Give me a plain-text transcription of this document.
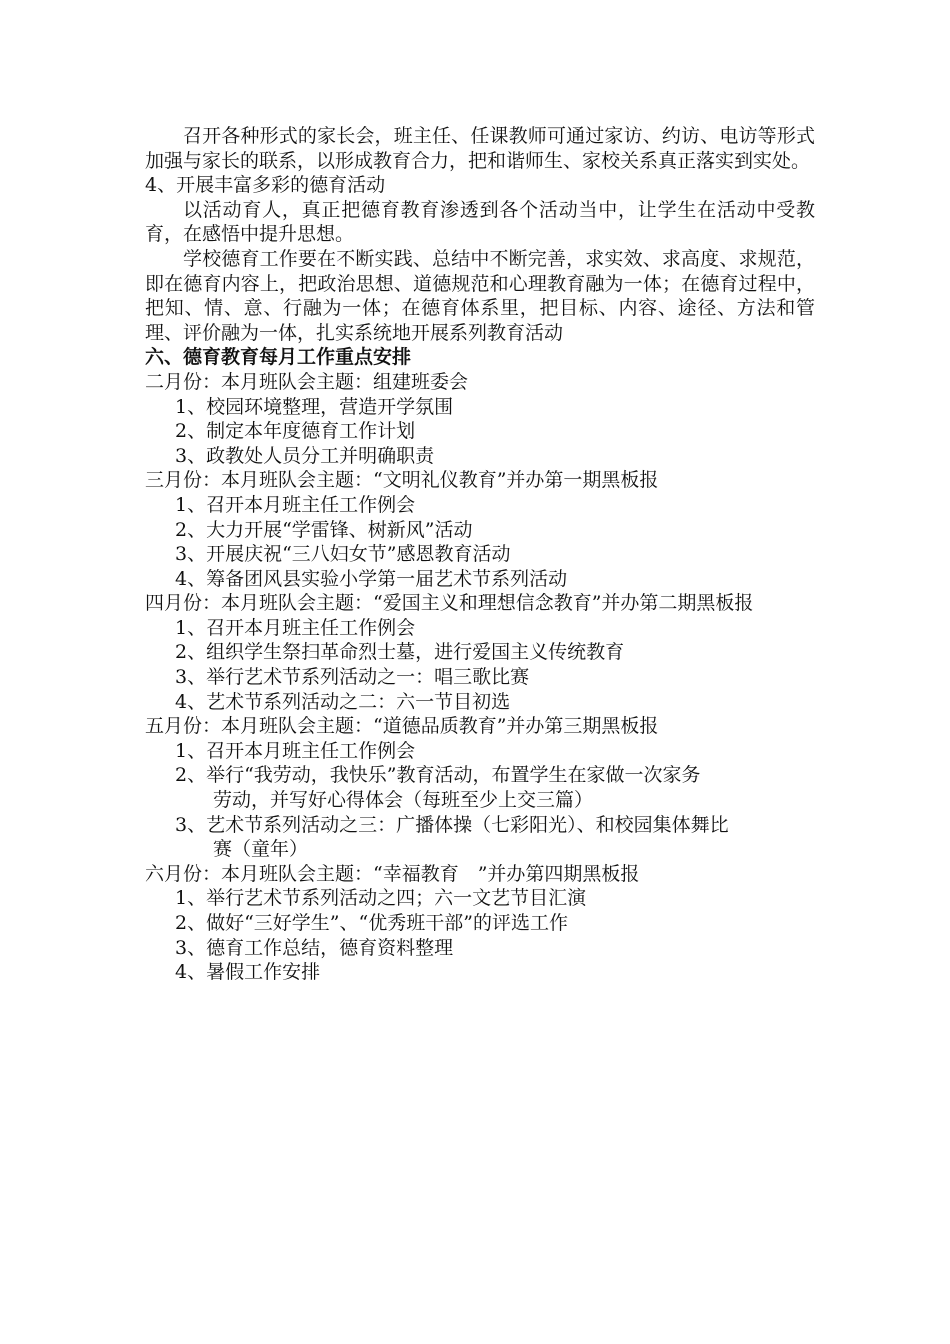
召开各种形式的家长会，班主任、任课教师可通过家访、约访、电访等形式加强与家长的联系，以形成教育合力，把和谐师生、家校关系真正落实到实处。

4、开展丰富多彩的德育活动

以活动育人，真正把德育教育渗透到各个活动当中，让学生在活动中受教育，在感悟中提升思想。

学校德育工作要在不断实践、总结中不断完善，求实效、求高度、求规范，即在德育内容上，把政治思想、道德规范和心理教育融为一体；在德育过程中，把知、情、意、行融为一体；在德育体系里，把目标、内容、途径、方法和管理、评价融为一体，扎实系统地开展系列教育活动

六、德育教育每月工作重点安排

二月份：本月班队会主题：组建班委会

1、校园环境整理，营造开学氛围

2、制定本年度德育工作计划

3、政教处人员分工并明确职责

三月份：本月班队会主题：“文明礼仪教育”并办第一期黑板报

1、召开本月班主任工作例会

2、大力开展“学雷锋、树新风”活动

3、开展庆祝“三八妇女节”感恩教育活动

4、筹备团风县实验小学第一届艺术节系列活动

四月份：本月班队会主题：“爱国主义和理想信念教育”并办第二期黑板报

1、召开本月班主任工作例会

2、组织学生祭扫革命烈士墓，进行爱国主义传统教育

3、举行艺术节系列活动之一：唱三歌比赛

4、艺术节系列活动之二：六一节目初选

五月份：本月班队会主题：“道德品质教育”并办第三期黑板报

1、召开本月班主任工作例会

2、举行“我劳动，我快乐”教育活动，布置学生在家做一次家务
劳动，并写好心得体会（每班至少上交三篇）

3、艺术节系列活动之三：广播体操（七彩阳光）、和校园集体舞比
赛（童年）

六月份：本月班队会主题：“幸福教育　”并办第四期黑板报

1、举行艺术节系列活动之四；六一文艺节目汇演

2、做好“三好学生”、“优秀班干部”的评选工作

3、德育工作总结，德育资料整理

4、暑假工作安排
